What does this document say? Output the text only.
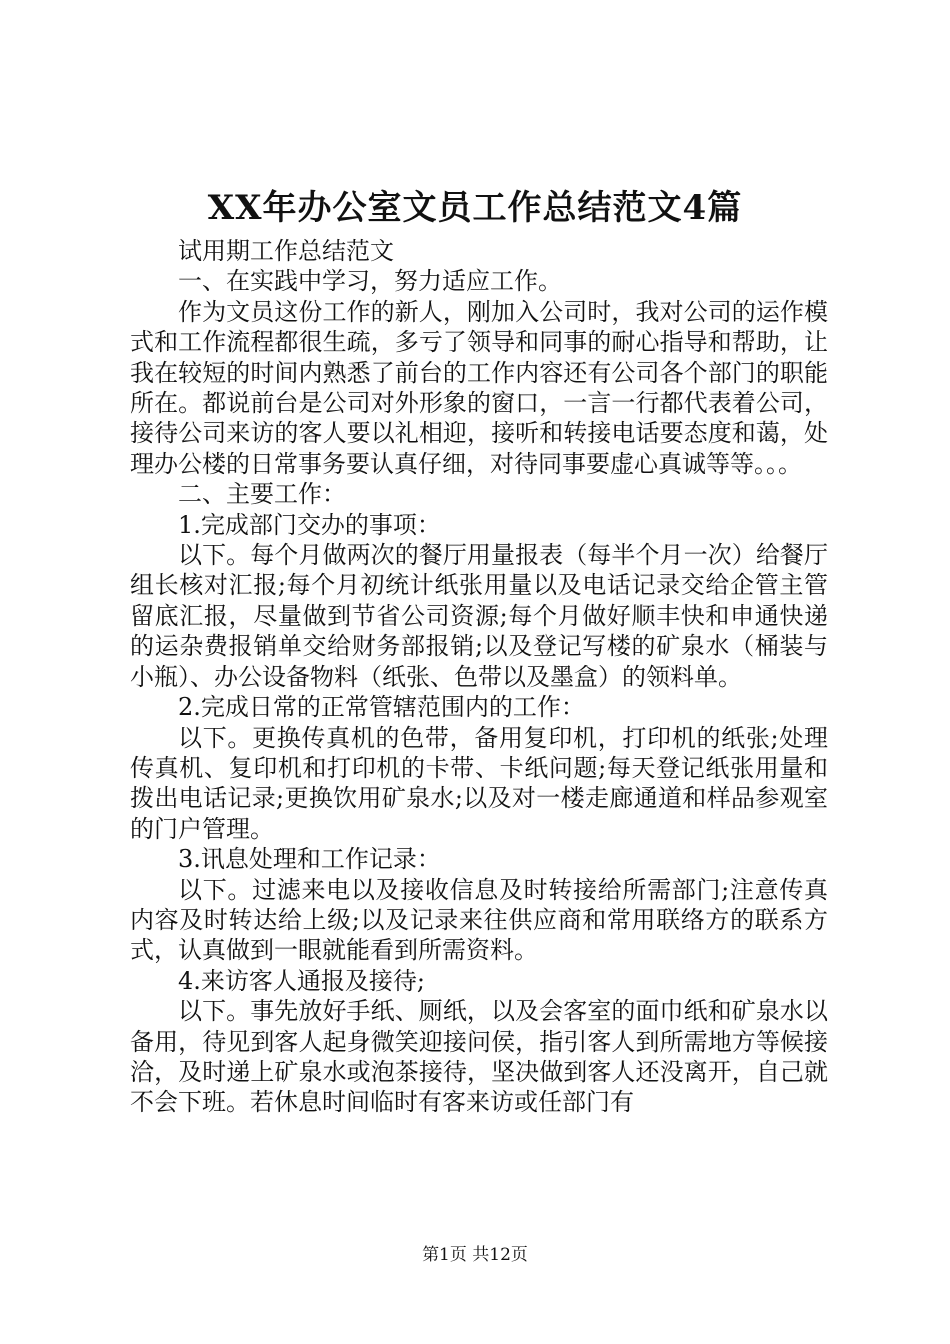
XX年办公室文员工作总结范文4篇

试用期工作总结范文

一、在实践中学习，努力适应工作。

作为文员这份工作的新人，刚加入公司时，我对公司的运作模式和工作流程都很生疏，多亏了领导和同事的耐心指导和帮助，让我在较短的时间内熟悉了前台的工作内容还有公司各个部门的职能所在。都说前台是公司对外形象的窗口，一言一行都代表着公司，接待公司来访的客人要以礼相迎，接听和转接电话要态度和蔼，处理办公楼的日常事务要认真仔细，对待同事要虚心真诚等等。。。

二、主要工作：

1.完成部门交办的事项：

以下。每个月做两次的餐厅用量报表（每半个月一次）给餐厅组长核对汇报;每个月初统计纸张用量以及电话记录交给企管主管留底汇报，尽量做到节省公司资源;每个月做好顺丰快和申通快递的运杂费报销单交给财务部报销;以及登记写楼的矿泉水（桶装与小瓶）、办公设备物料（纸张、色带以及墨盒）的领料单。

2.完成日常的正常管辖范围内的工作：

以下。更换传真机的色带，备用复印机，打印机的纸张;处理传真机、复印机和打印机的卡带、卡纸问题;每天登记纸张用量和拨出电话记录;更换饮用矿泉水;以及对一楼走廊通道和样品参观室的门户管理。

3.讯息处理和工作记录：

以下。过滤来电以及接收信息及时转接给所需部门;注意传真内容及时转达给上级;以及记录来往供应商和常用联络方的联系方式，认真做到一眼就能看到所需资料。

4.来访客人通报及接待;

以下。事先放好手纸、厕纸，以及会客室的面巾纸和矿泉水以备用，待见到客人起身微笑迎接问侯，指引客人到所需地方等候接洽，及时递上矿泉水或泡茶接待，坚决做到客人还没离开，自己就不会下班。若休息时间临时有客来访或任部门有

第1页 共12页
